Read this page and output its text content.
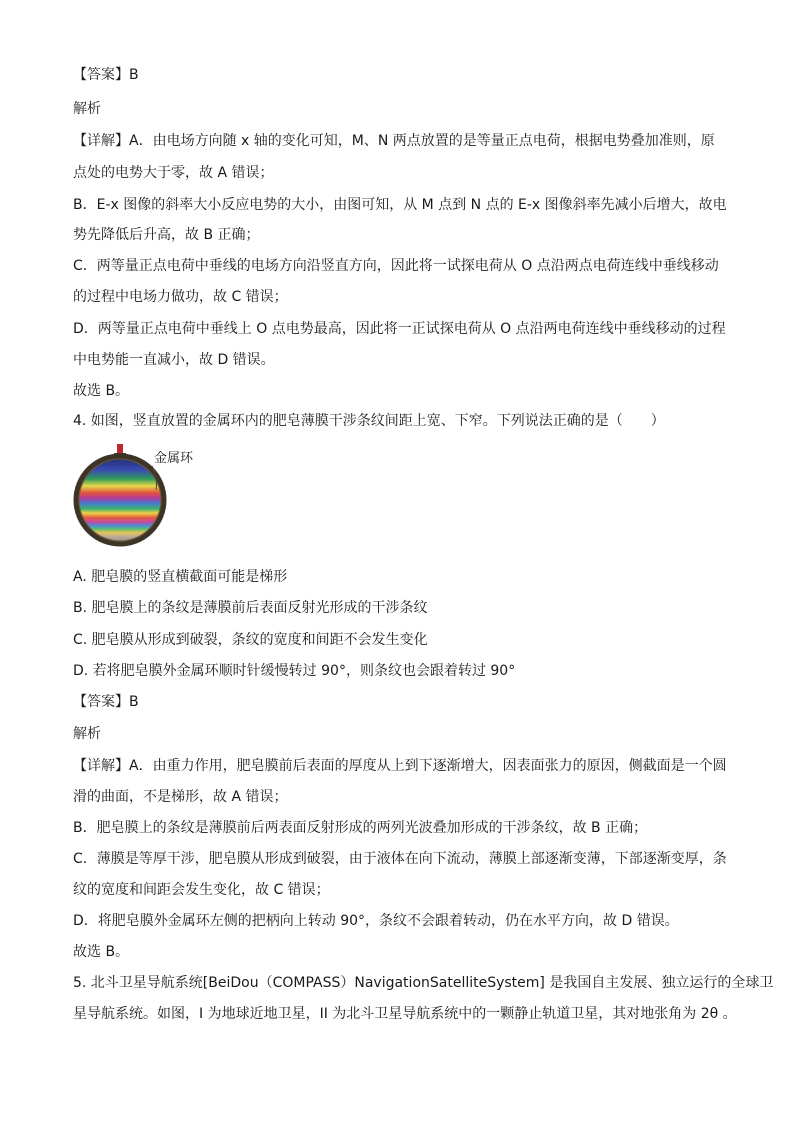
【答案】B
解析
【详解】A．由电场方向随 x 轴的变化可知，M、N 两点放置的是等量正点电荷，根据电势叠加准则，原
点处的电势大于零，故 A 错误；
B．E-x 图像的斜率大小反应电势的大小，由图可知，从 M 点到 N 点的 E-x 图像斜率先减小后增大，故电
势先降低后升高，故 B 正确；
C．两等量正点电荷中垂线的电场方向沿竖直方向，因此将一试探电荷从 O 点沿两点电荷连线中垂线移动
的过程中电场力做功，故 C 错误；
D．两等量正点电荷中垂线上 O 点电势最高，因此将一正试探电荷从 O 点沿两电荷连线中垂线移动的过程
中电势能一直减小，故 D 错误。
故选 B。
4. 如图，竖直放置的金属环内的肥皂薄膜干涉条纹间距上宽、下窄。下列说法正确的是（　　）
金属环
A. 肥皂膜的竖直横截面可能是梯形
B. 肥皂膜上的条纹是薄膜前后表面反射光形成的干涉条纹
C. 肥皂膜从形成到破裂，条纹的宽度和间距不会发生变化
D. 若将肥皂膜外金属环顺时针缓慢转过 90°，则条纹也会跟着转过 90°
【答案】B
解析
【详解】A．由重力作用，肥皂膜前后表面的厚度从上到下逐渐增大，因表面张力的原因，侧截面是一个圆
滑的曲面，不是梯形，故 A 错误；
B．肥皂膜上的条纹是薄膜前后两表面反射形成的两列光波叠加形成的干涉条纹，故 B 正确；
C．薄膜是等厚干涉，肥皂膜从形成到破裂，由于液体在向下流动，薄膜上部逐渐变薄，下部逐渐变厚，条
纹的宽度和间距会发生变化，故 C 错误；
D．将肥皂膜外金属环左侧的把柄向上转动 90°，条纹不会跟着转动，仍在水平方向，故 D 错误。
故选 B。
5. 北斗卫星导航系统[BeiDou（COMPASS）NavigationSatelliteSystem] 是我国自主发展、独立运行的全球卫
星导航系统。如图，I 为地球近地卫星，II 为北斗卫星导航系统中的一颗静止轨道卫星，其对地张角为 2θ 。
